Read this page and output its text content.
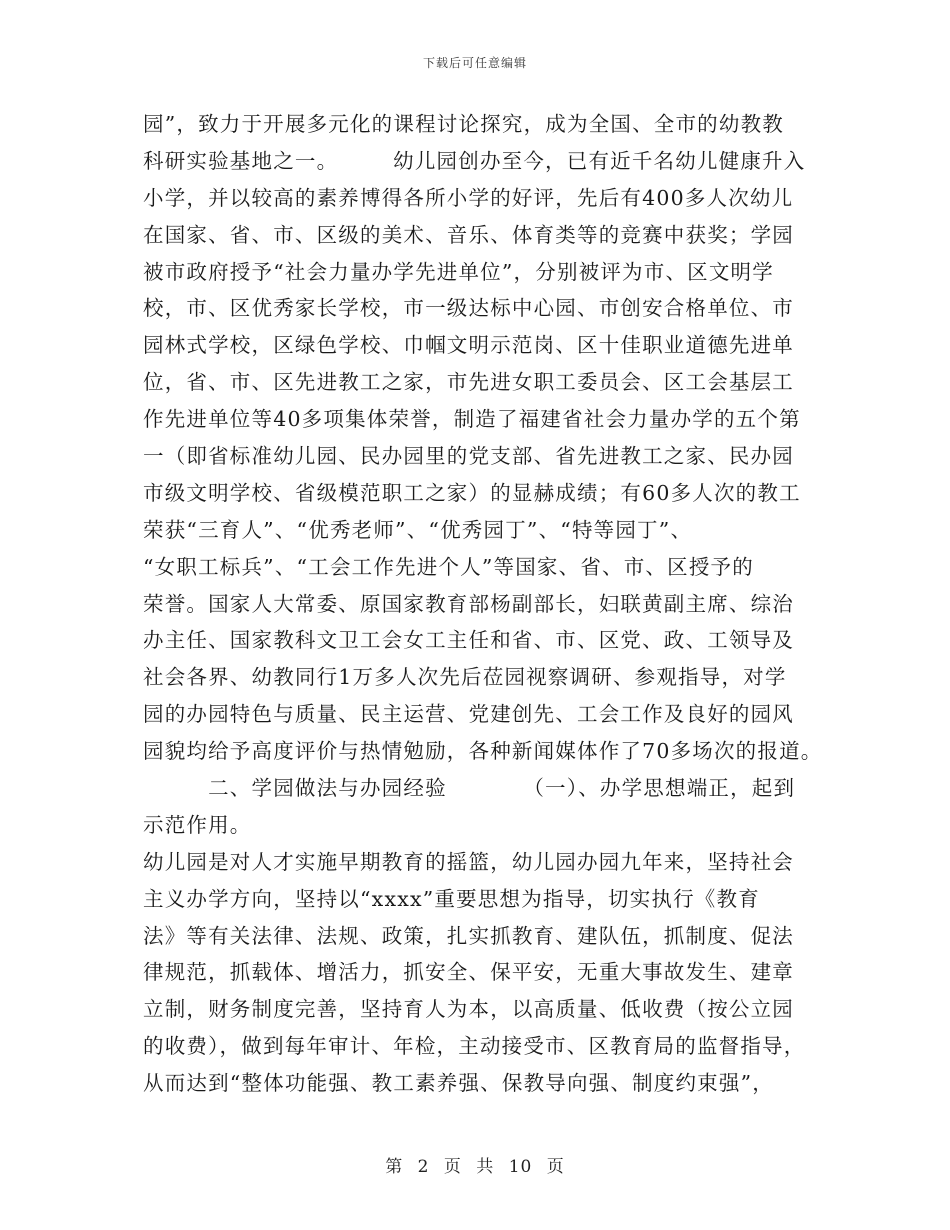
下载后可任意编辑
园”，致力于开展多元化的课程讨论探究，成为全国、全市的幼教教
科研实验基地之一。　　　幼儿园创办至今，已有近千名幼儿健康升入
小学，并以较高的素养博得各所小学的好评，先后有400多人次幼儿
在国家、省、市、区级的美术、音乐、体育类等的竞赛中获奖；学园
被市政府授予“社会力量办学先进单位”，分别被评为市、区文明学
校，市、区优秀家长学校，市一级达标中心园、市创安合格单位、市
园林式学校，区绿色学校、巾帼文明示范岗、区十佳职业道德先进单
位，省、市、区先进教工之家，市先进女职工委员会、区工会基层工
作先进单位等40多项集体荣誉，制造了福建省社会力量办学的五个第
一（即省标准幼儿园、民办园里的党支部、省先进教工之家、民办园
市级文明学校、省级模范职工之家）的显赫成绩；有60多人次的教工
荣获“三育人”、“优秀老师”、“优秀园丁”、“特等园丁”、
“女职工标兵”、“工会工作先进个人”等国家、省、市、区授予的
荣誉。国家人大常委、原国家教育部杨副部长，妇联黄副主席、综治
办主任、国家教科文卫工会女工主任和省、市、区党、政、工领导及
社会各界、幼教同行1万多人次先后莅园视察调研、参观指导，对学
园的办园特色与质量、民主运营、党建创先、工会工作及良好的园风
园貌均给予高度评价与热情勉励，各种新闻媒体作了70多场次的报道。
　　　二、学园做法与办园经验　　　　（一）、办学思想端正，起到
示范作用。
幼儿园是对人才实施早期教育的摇篮，幼儿园办园九年来，坚持社会
主义办学方向，坚持以“xxxx”重要思想为指导，切实执行《教育
法》等有关法律、法规、政策，扎实抓教育、建队伍，抓制度、促法
律规范，抓载体、增活力，抓安全、保平安，无重大事故发生、建章
立制，财务制度完善，坚持育人为本，以高质量、低收费（按公立园
的收费），做到每年审计、年检，主动接受市、区教育局的监督指导，
从而达到“整体功能强、教工素养强、保教导向强、制度约束强”，
第 2 页 共 10 页
